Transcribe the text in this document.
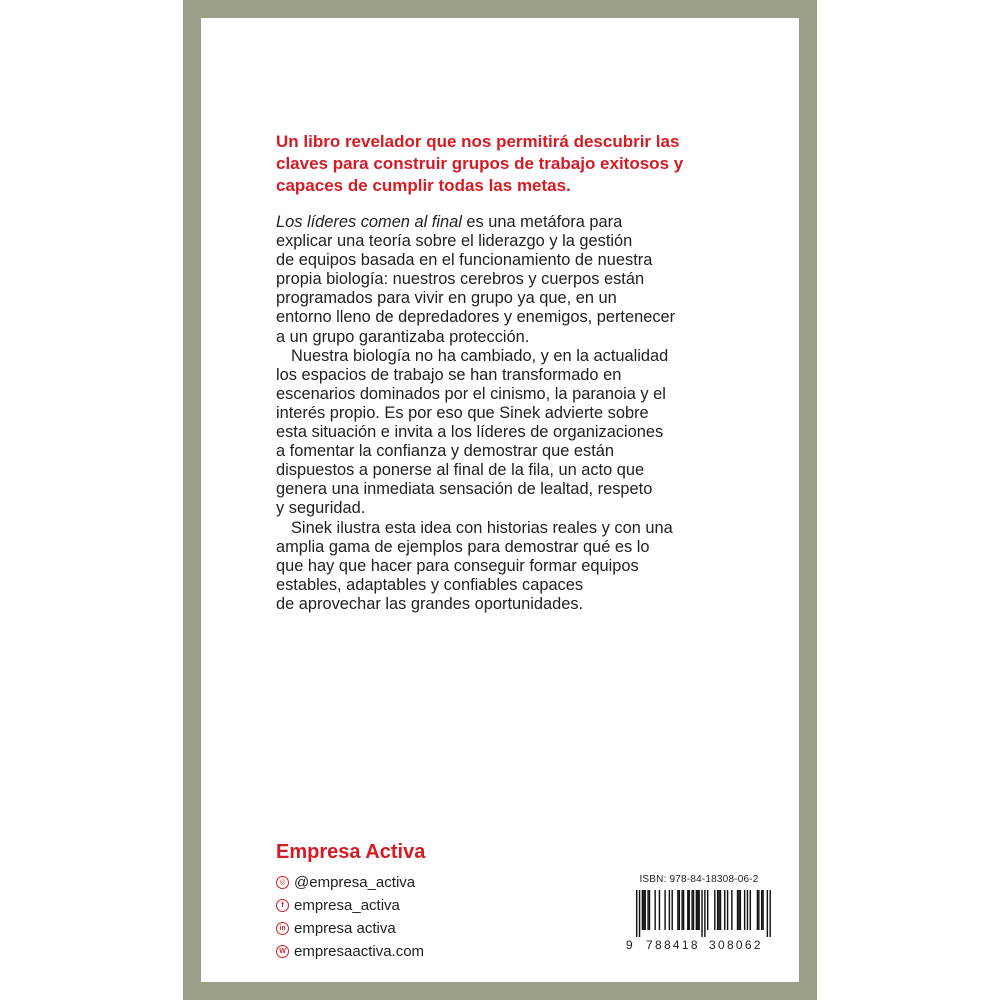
Un libro revelador que nos permitirá descubrir las
claves para construir grupos de trabajo exitosos y
capaces de cumplir todas las metas.
Los líderes comen al final es una metáfora para
explicar una teoría sobre el liderazgo y la gestión
de equipos basada en el funcionamiento de nuestra
propia biología: nuestros cerebros y cuerpos están
programados para vivir en grupo ya que, en un
entorno lleno de depredadores y enemigos, pertenecer
a un grupo garantizaba protección.
Nuestra biología no ha cambiado, y en la actualidad
los espacios de trabajo se han transformado en
escenarios dominados por el cinismo, la paranoia y el
interés propio. Es por eso que Sinek advierte sobre
esta situación e invita a los líderes de organizaciones
a fomentar la confianza y demostrar que están
dispuestos a ponerse al final de la fila, un acto que
genera una inmediata sensación de lealtad, respeto
y seguridad.
Sinek ilustra esta idea con historias reales y con una
amplia gama de ejemplos para demostrar qué es lo
que hay que hacer para conseguir formar equipos
estables, adaptables y confiables capaces
de aprovechar las grandes oportunidades.
Empresa Activa
◎ @empresa_activa
f empresa_activa
in empresa activa
W empresaactiva.com
ISBN: 978-84-18308-06-2
9 788418 308062
